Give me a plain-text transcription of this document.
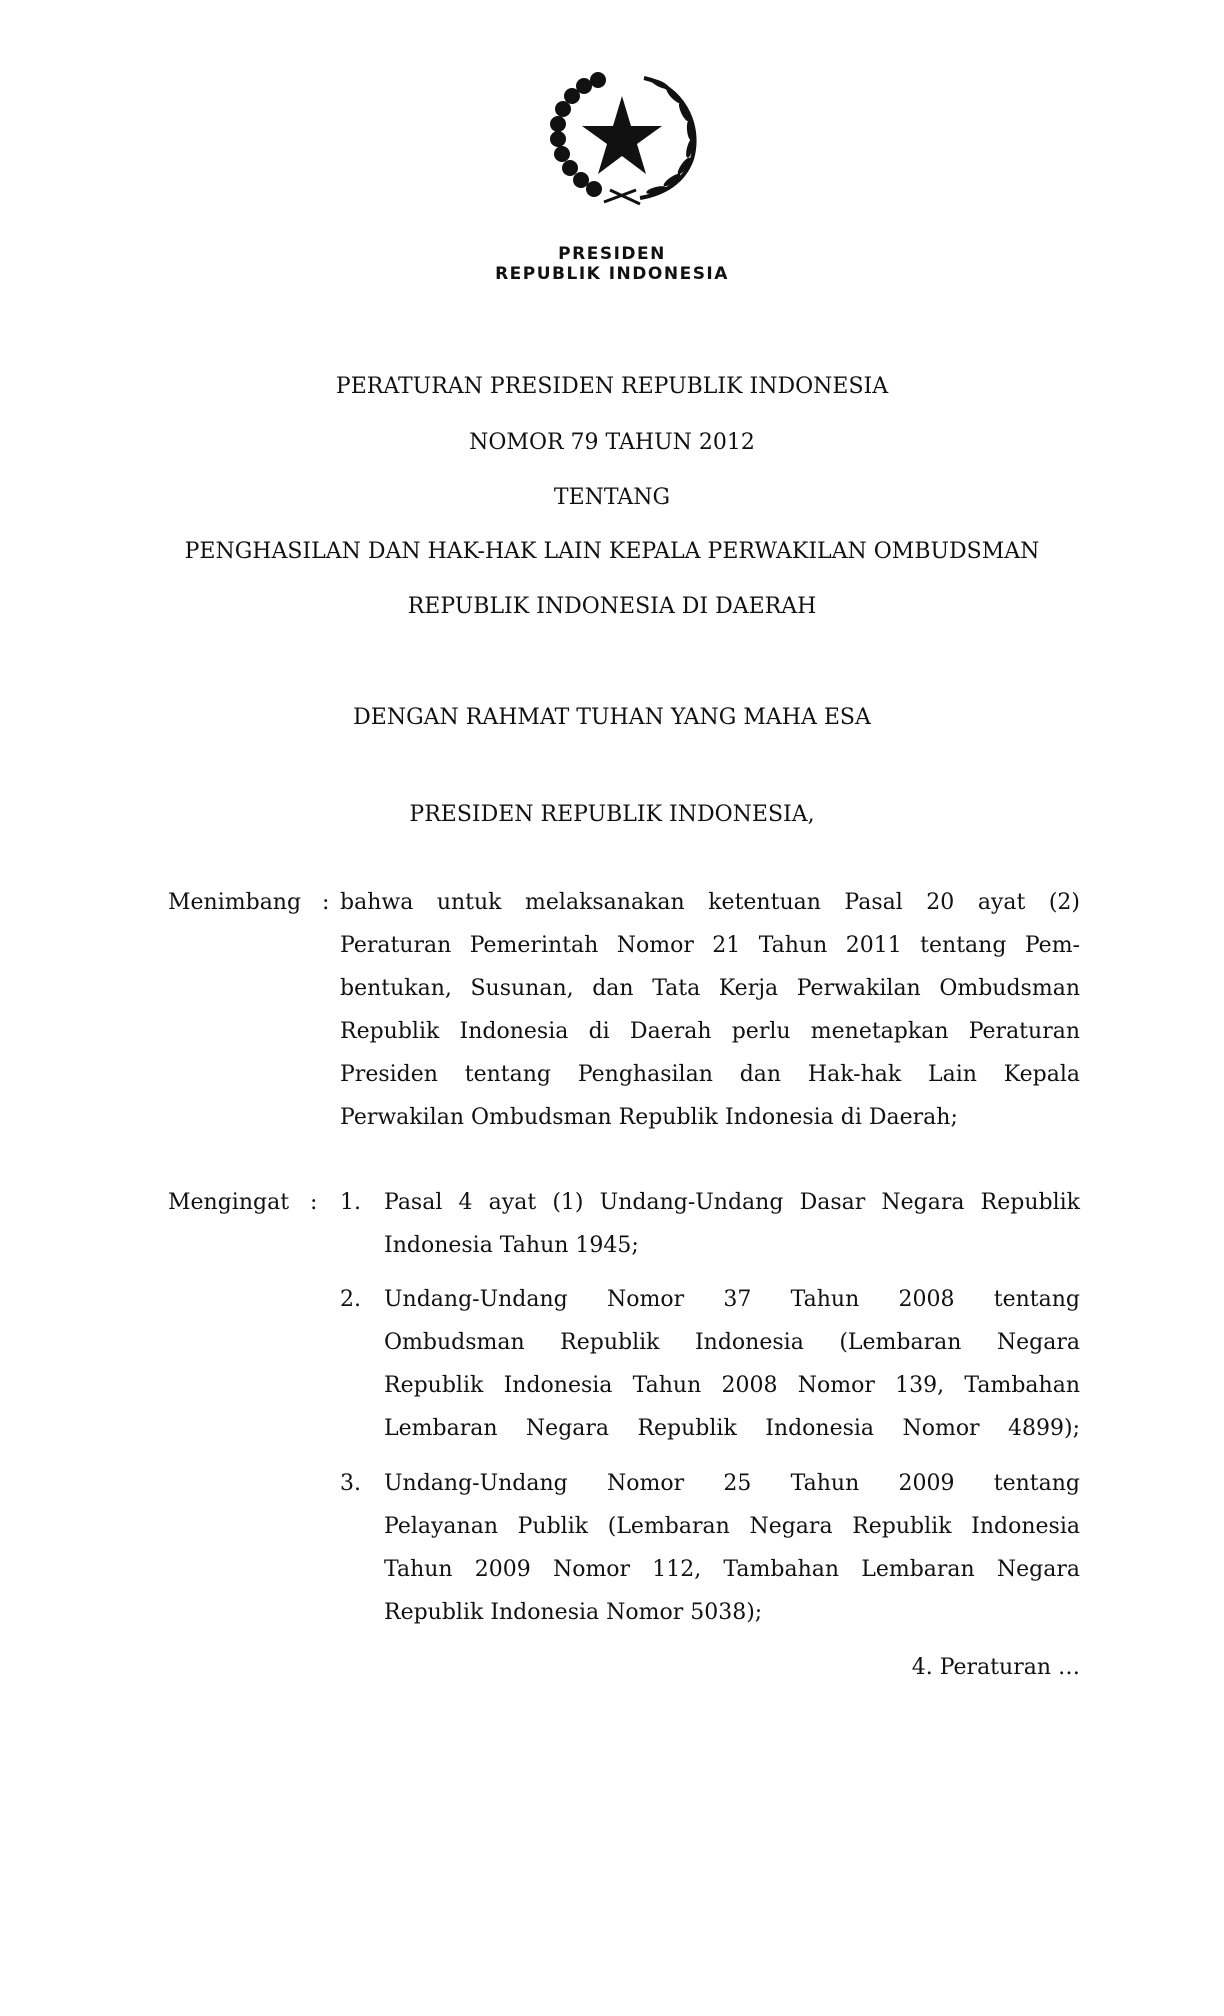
PRESIDEN
REPUBLIK INDONESIA
PERATURAN PRESIDEN REPUBLIK INDONESIA
NOMOR 79 TAHUN 2012
TENTANG
PENGHASILAN DAN HAK-HAK LAIN KEPALA PERWAKILAN OMBUDSMAN
REPUBLIK INDONESIA DI DAERAH
DENGAN RAHMAT TUHAN YANG MAHA ESA
PRESIDEN REPUBLIK INDONESIA,
Menimbang : bahwa untuk melaksanakan ketentuan Pasal 20 ayat (2)
Peraturan Pemerintah Nomor 21 Tahun 2011 tentang Pem-
bentukan, Susunan, dan Tata Kerja Perwakilan Ombudsman
Republik Indonesia di Daerah perlu menetapkan Peraturan
Presiden tentang Penghasilan dan Hak-hak Lain Kepala
Perwakilan Ombudsman Republik Indonesia di Daerah;
Mengingat : 1. Pasal 4 ayat (1) Undang-Undang Dasar Negara Republik
Indonesia Tahun 1945;
2. Undang-Undang Nomor 37 Tahun 2008 tentang
Ombudsman Republik Indonesia (Lembaran Negara
Republik Indonesia Tahun 2008 Nomor 139, Tambahan
Lembaran Negara Republik Indonesia Nomor 4899);
3. Undang-Undang Nomor 25 Tahun 2009 tentang
Pelayanan Publik (Lembaran Negara Republik Indonesia
Tahun 2009 Nomor 112, Tambahan Lembaran Negara
Republik Indonesia Nomor 5038);
4. Peraturan …
